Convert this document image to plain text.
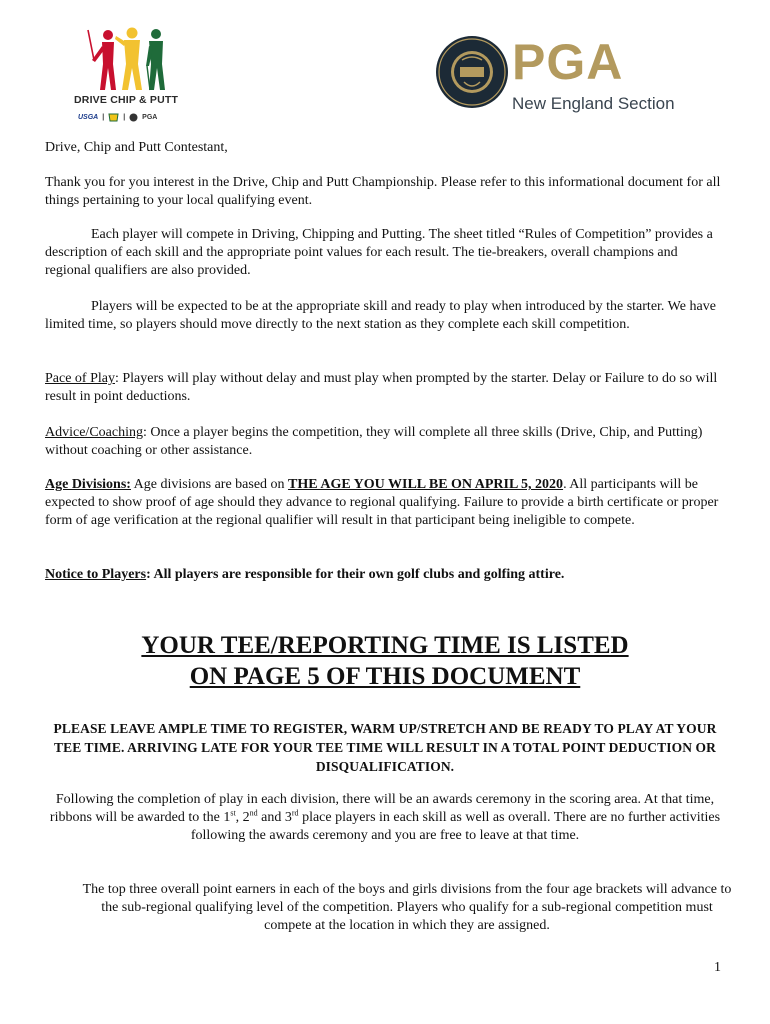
DRIVE CHIP & PUTT
USGA |	| PGA
PGA
New England Section

Drive, Chip and Putt Contestant,

Thank you for you interest in the Drive, Chip and Putt Championship. Please refer to this informational document for all things pertaining to your local qualifying event.

Each player will compete in Driving, Chipping and Putting. The sheet titled “Rules of Competition” provides a description of each skill and the appropriate point values for each result. The tie-breakers, overall champions and regional qualifiers are also provided.

Players will be expected to be at the appropriate skill and ready to play when introduced by the starter. We have limited time, so players should move directly to the next station as they complete each skill competition.

Pace of Play: Players will play without delay and must play when prompted by the starter. Delay or Failure to do so will result in point deductions.

Advice/Coaching: Once a player begins the competition, they will complete all three skills (Drive, Chip, and Putting) without coaching or other assistance.

Age Divisions: Age divisions are based on THE AGE YOU WILL BE ON APRIL 5, 2020. All participants will be expected to show proof of age should they advance to regional qualifying. Failure to provide a birth certificate or proper form of age verification at the regional qualifier will result in that participant being ineligible to compete.

Notice to Players: All players are responsible for their own golf clubs and golfing attire.

YOUR TEE/REPORTING TIME IS LISTED
ON PAGE 5 OF THIS DOCUMENT

PLEASE LEAVE AMPLE TIME TO REGISTER, WARM UP/STRETCH AND BE READY TO PLAY AT YOUR TEE TIME. ARRIVING LATE FOR YOUR TEE TIME WILL RESULT IN A TOTAL POINT DEDUCTION OR DISQUALIFICATION.

Following the completion of play in each division, there will be an awards ceremony in the scoring area. At that time, ribbons will be awarded to the 1st, 2nd and 3rd place players in each skill as well as overall. There are no further activities following the awards ceremony and you are free to leave at that time.

The top three overall point earners in each of the boys and girls divisions from the four age brackets will advance to the sub-regional qualifying level of the competition. Players who qualify for a sub-regional competition must compete at the location in which they are assigned.

1
